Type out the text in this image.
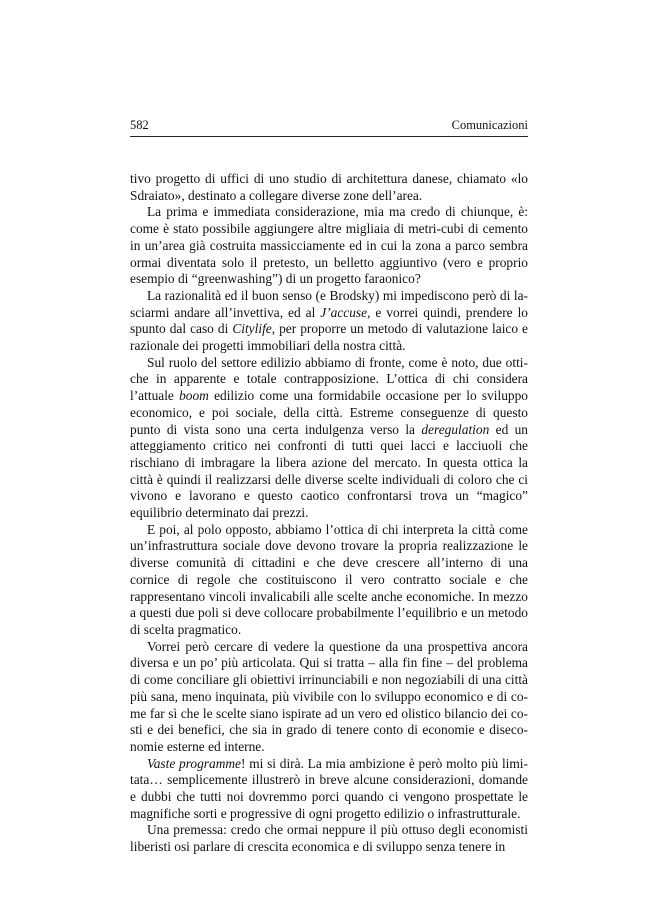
582	Comunicazioni

tivo progetto di uffici di uno studio di architettura danese, chiamato «lo Sdraiato», destinato a collegare diverse zone dell’area.

La prima e immediata considerazione, mia ma credo di chiunque, è: come è stato possibile aggiungere altre migliaia di metri-cubi di cemento in un’area già costruita massicciamente ed in cui la zona a parco sembra ormai diventata solo il pretesto, un belletto aggiuntivo (vero e proprio esempio di “greenwashing”) di un progetto faraonico?

La razionalità ed il buon senso (e Brodsky) mi impediscono però di lasciarmi andare all’invettiva, ed al J’accuse, e vorrei quindi, prendere lo spunto dal caso di Citylife, per proporre un metodo di valutazione laico e razionale dei progetti immobiliari della nostra città.

Sul ruolo del settore edilizio abbiamo di fronte, come è noto, due ottiche in apparente e totale contrapposizione. L’ottica di chi considera l’attuale boom edilizio come una formidabile occasione per lo sviluppo economico, e poi sociale, della città. Estreme conseguenze di questo punto di vista sono una certa indulgenza verso la deregulation ed un atteggiamento critico nei confronti di tutti quei lacci e lacciuoli che rischiano di imbragare la libera azione del mercato. In questa ottica la città è quindi il realizzarsi delle diverse scelte individuali di coloro che ci vivono e lavorano e questo caotico confrontarsi trova un “magico” equilibrio determinato dai prezzi.

E poi, al polo opposto, abbiamo l’ottica di chi interpreta la città come un’infrastruttura sociale dove devono trovare la propria realizzazione le diverse comunità di cittadini e che deve crescere all’interno di una cornice di regole che costituiscono il vero contratto sociale e che rappresentano vincoli invalicabili alle scelte anche economiche. In mezzo a questi due poli si deve collocare probabilmente l’equilibrio e un metodo di scelta pragmatico.

Vorrei però cercare di vedere la questione da una prospettiva ancora diversa e un po’ più articolata. Qui si tratta – alla fin fine – del problema di come conciliare gli obiettivi irrinunciabili e non negoziabili di una città più sana, meno inquinata, più vivibile con lo sviluppo economico e di come far sì che le scelte siano ispirate ad un vero ed olistico bilancio dei costi e dei benefici, che sia in grado di tenere conto di economie e diseconomie esterne ed interne.

Vaste programme! mi si dirà. La mia ambizione è però molto più limitata… semplicemente illustrerò in breve alcune considerazioni, domande e dubbi che tutti noi dovremmo porci quando ci vengono prospettate le magnifiche sorti e progressive di ogni progetto edilizio o infrastrutturale.

Una premessa: credo che ormai neppure il più ottuso degli economisti liberisti osi parlare di crescita economica e di sviluppo senza tenere in
